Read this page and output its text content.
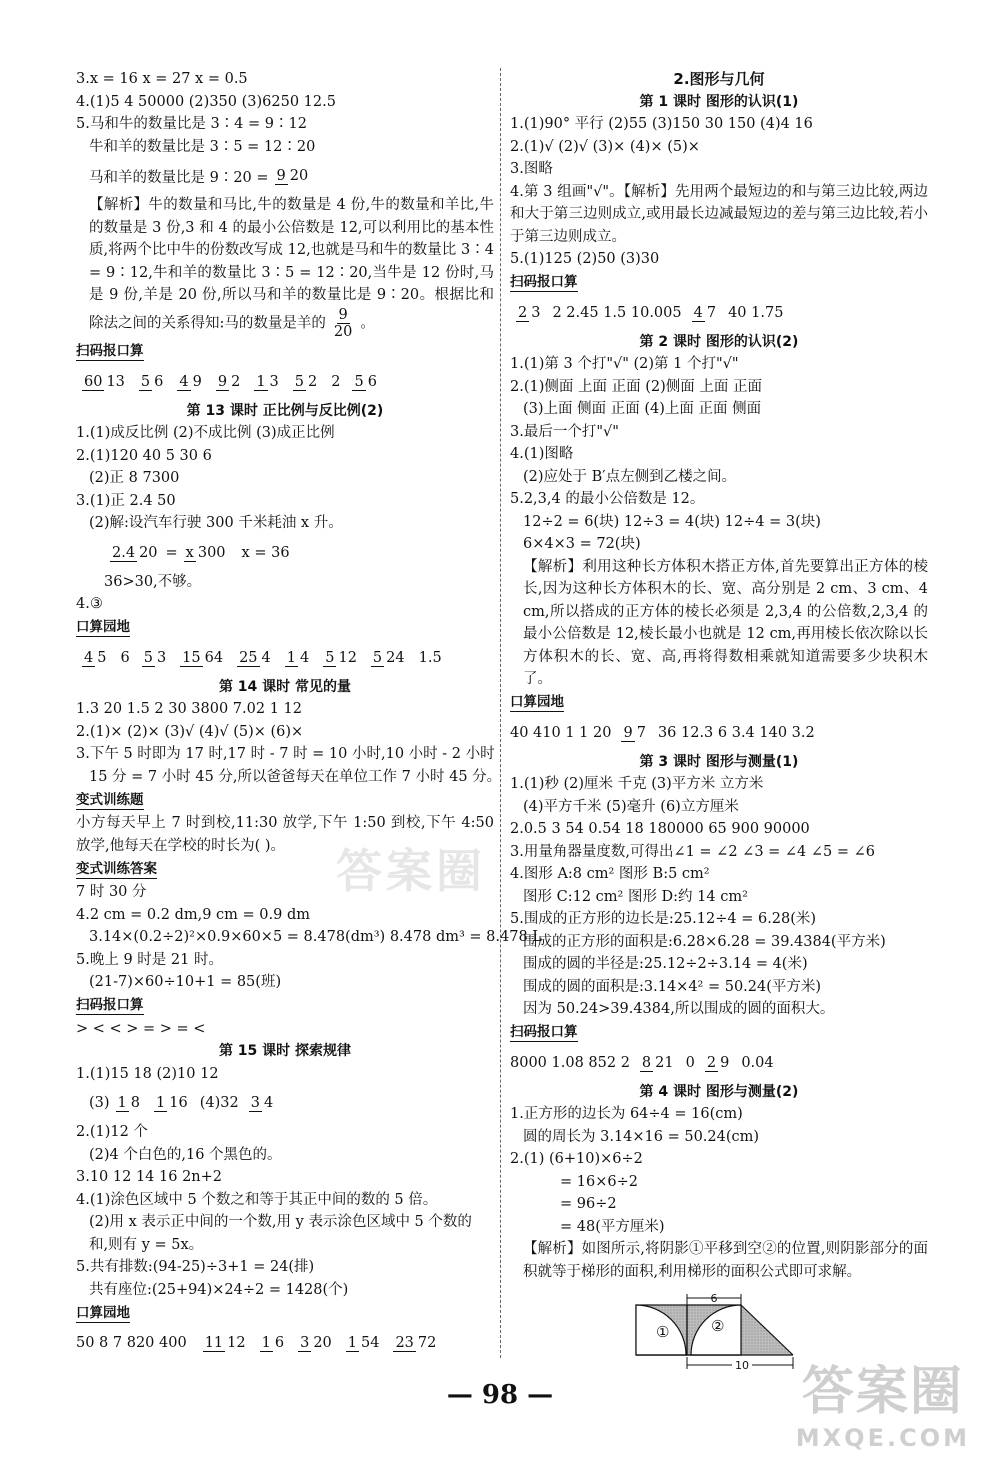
3.x = 16 x = 27 x = 0.5
4.(1)5 4 50000 (2)350 (3)6250 12.5
5.马和牛的数量比是 3∶4 = 9∶12
牛和羊的数量比是 3∶5 = 12∶20
马和羊的数量比是 9∶20 = 9 20
【解析】牛的数量和马比,牛的数量是 4 份,牛的数量和羊比,牛的数量是 3 份,3 和 4 的最小公倍数是 12,可以利用比的基本性质,将两个比中牛的份数改写成 12,也就是马和牛的数量比 3∶4 = 9∶12,牛和羊的数量比 3∶5 = 12∶20,当牛是 12 份时,马是 9 份,羊是 20 份,所以马和羊的数量比是 9∶20。根据比和除法之间的关系得知:马的数量是羊的 $\frac{9}{20}$ 。
扫码报口算
60 13 5 6 4 9 9 2 1 3 5 2 2 5 6
第 13 课时 正比例与反比例(2)
1.(1)成反比例 (2)不成比例 (3)成正比例
2.(1)120 40 5 30 6
(2)正 8 7300
3.(1)正 2.4 50
(2)解:设汽车行驶 300 千米耗油 x 升。
2.4 20 = x 300 x = 36
36>30,不够。
4.③
口算园地
4 5 6 5 3 15 64 25 4 1 4 5 12 5 24 1.5
第 14 课时 常见的量
1.3 20 1.5 2 30 3800 7.02 1 12
2.(1)× (2)× (3)√ (4)√ (5)× (6)×
3.下午 5 时即为 17 时,17 时 - 7 时 = 10 小时,10 小时 - 2 小时
15 分 = 7 小时 45 分,所以爸爸每天在单位工作 7 小时 45 分。
变式训练题
小方每天早上 7 时到校,11:30 放学,下午 1:50 到校,下午 4:50 放学,他每天在学校的时长为( )。
变式训练答案	答案圈
7 时 30 分
4.2 cm = 0.2 dm,9 cm = 0.9 dm
3.14×(0.2÷2)²×0.9×60×5 = 8.478(dm³) 8.478 dm³ = 8.478 L
5.晚上 9 时是 21 时。
(21-7)×60÷10+1 = 85(班)
扫码报口算
> < < > = > = <
第 15 课时 探索规律
1.(1)15 18 (2)10 12
(3) 1 8 1 16 (4)32 3 4
2.(1)12 个
(2)4 个白色的,16 个黑色的。
3.10 12 14 16 2n+2
4.(1)涂色区域中 5 个数之和等于其正中间的数的 5 倍。
(2)用 x 表示正中间的一个数,用 y 表示涂色区域中 5 个数的
和,则有 y = 5x。
5.共有排数:(94-25)÷3+1 = 24(排)
共有座位:(25+94)×24÷2 = 1428(个)
口算园地
50 8 7 820 400 11 12 1 6 3 20 1 54 23 72
2.图形与几何
第 1 课时 图形的认识(1)
1.(1)90° 平行 (2)55 (3)150 30 150 (4)4 16
2.(1)√ (2)√ (3)× (4)× (5)×
3.图略
4.第 3 组画"√"。【解析】先用两个最短边的和与第三边比较,两边和大于第三边则成立,或用最长边减最短边的差与第三边比较,若小于第三边则成立。
5.(1)125 (2)50 (3)30
扫码报口算
2 3 2 2.45 1.5 10.005 4 7 40 1.75
第 2 课时 图形的认识(2)
1.(1)第 3 个打"√" (2)第 1 个打"√"
2.(1)侧面 上面 正面 (2)侧面 上面 正面
(3)上面 侧面 正面 (4)上面 正面 侧面
3.最后一个打"√"
4.(1)图略
(2)应处于 B′点左侧到乙楼之间。
5.2,3,4 的最小公倍数是 12。
12÷2 = 6(块) 12÷3 = 4(块) 12÷4 = 3(块)
6×4×3 = 72(块)
【解析】利用这种长方体积木搭正方体,首先要算出正方体的棱长,因为这种长方体积木的长、宽、高分别是 2 cm、3 cm、4 cm,所以搭成的正方体的棱长必须是 2,3,4 的公倍数,2,3,4 的最小公倍数是 12,棱长最小也就是 12 cm,再用棱长依次除以长方体积木的长、宽、高,再将得数相乘就知道需要多少块积木了。
口算园地
40 410 1 1 20 9 7 36 12.3 6 3.4 140 3.2
第 3 课时 图形与测量(1)
1.(1)秒 (2)厘米 千克 (3)平方米 立方米
(4)平方千米 (5)毫升 (6)立方厘米
2.0.5 3 54 0.54 18 180000 65 900 90000
3.用量角器量度数,可得出∠1 = ∠2 ∠3 = ∠4 ∠5 = ∠6
4.图形 A:8 cm² 图形 B:5 cm²
图形 C:12 cm² 图形 D:约 14 cm²
5.围成的正方形的边长是:25.12÷4 = 6.28(米)
围成的正方形的面积是:6.28×6.28 = 39.4384(平方米)
围成的圆的半径是:25.12÷2÷3.14 = 4(米)
围成的圆的面积是:3.14×4² = 50.24(平方米)
因为 50.24>39.4384,所以围成的圆的面积大。
扫码报口算
8000 1.08 852 2 8 21 0 2 9 0.04
第 4 课时 图形与测量(2)
1.正方形的边长为 64÷4 = 16(cm)
圆的周长为 3.14×16 = 50.24(cm)
2.(1) (6+10)×6÷2
= 16×6÷2
= 96÷2
= 48(平方厘米)
【解析】如图所示,将阴影①平移到空②的位置,则阴影部分的面积就等于梯形的面积,利用梯形的面积公式即可求解。
6
①	②
10
— 98 —	答案圈
MXQE.COM
